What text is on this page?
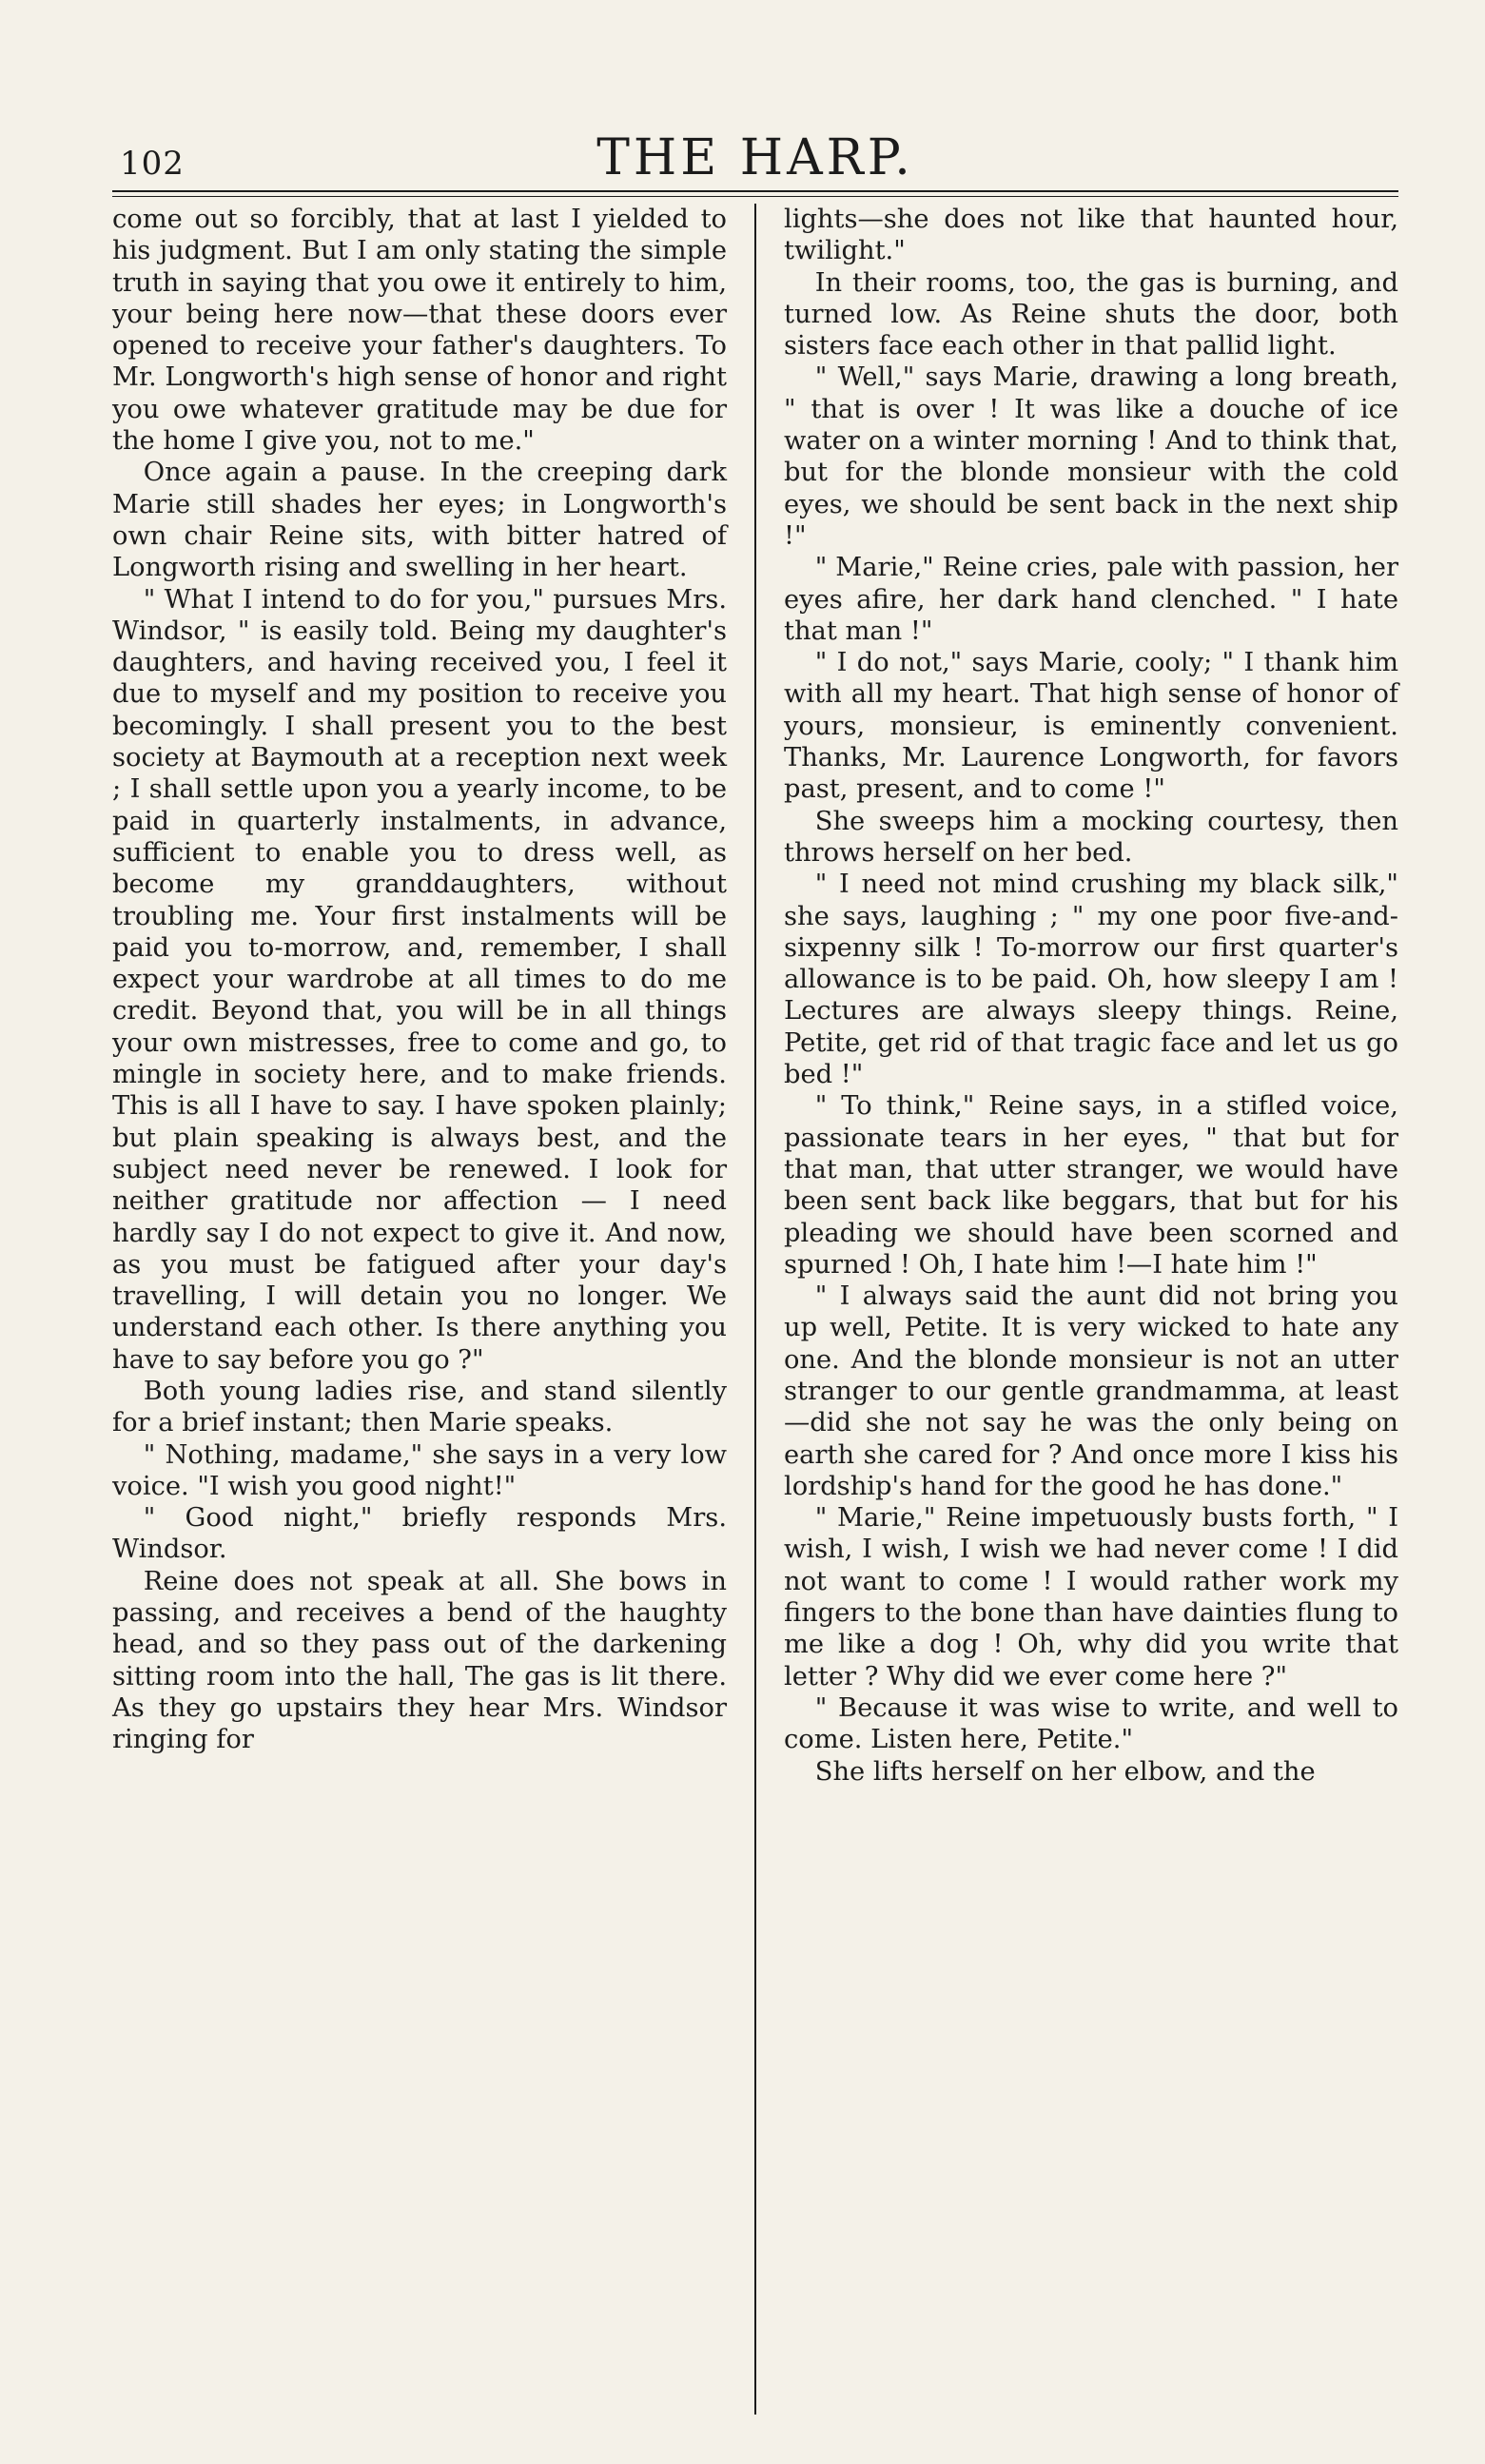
102	THE HARP.

come out so forcibly, that at last I yielded to his judgment. But I am only stating the simple truth in saying that you owe it entirely to him, your being here now—that these doors ever opened to receive your father's daughters. To Mr. Longworth's high sense of honor and right you owe whatever gratitude may be due for the home I give you, not to me."

Once again a pause. In the creeping dark Marie still shades her eyes; in Longworth's own chair Reine sits, with bitter hatred of Longworth rising and swelling in her heart.

" What I intend to do for you," pursues Mrs. Windsor, " is easily told. Being my daughter's daughters, and having received you, I feel it due to myself and my position to receive you becomingly. I shall present you to the best society at Baymouth at a reception next week ; I shall settle upon you a yearly income, to be paid in quarterly instalments, in advance, sufficient to enable you to dress well, as become my granddaughters, without troubling me. Your first instalments will be paid you to-morrow, and, remember, I shall expect your wardrobe at all times to do me credit. Beyond that, you will be in all things your own mistresses, free to come and go, to mingle in society here, and to make friends. This is all I have to say. I have spoken plainly; but plain speaking is always best, and the subject need never be renewed. I look for neither gratitude nor affection — I need hardly say I do not expect to give it. And now, as you must be fatigued after your day's travelling, I will detain you no longer. We understand each other. Is there anything you have to say before you go ?"

Both young ladies rise, and stand silently for a brief instant; then Marie speaks.

" Nothing, madame," she says in a very low voice. "I wish you good night!"

" Good night," briefly responds Mrs. Windsor.

Reine does not speak at all. She bows in passing, and receives a bend of the haughty head, and so they pass out of the darkening sitting room into the hall, The gas is lit there. As they go upstairs they hear Mrs. Windsor ringing for

lights—she does not like that haunted hour, twilight."

In their rooms, too, the gas is burning, and turned low. As Reine shuts the door, both sisters face each other in that pallid light.

" Well," says Marie, drawing a long breath, " that is over ! It was like a douche of ice water on a winter morning ! And to think that, but for the blonde monsieur with the cold eyes, we should be sent back in the next ship !"

" Marie," Reine cries, pale with passion, her eyes afire, her dark hand clenched. " I hate that man !"

" I do not," says Marie, cooly; " I thank him with all my heart. That high sense of honor of yours, monsieur, is eminently convenient. Thanks, Mr. Laurence Longworth, for favors past, present, and to come !"

She sweeps him a mocking courtesy, then throws herself on her bed.

" I need not mind crushing my black silk," she says, laughing ; " my one poor five-and-sixpenny silk ! To-morrow our first quarter's allowance is to be paid. Oh, how sleepy I am ! Lectures are always sleepy things. Reine, Petite, get rid of that tragic face and let us go bed !"

" To think," Reine says, in a stifled voice, passionate tears in her eyes, " that but for that man, that utter stranger, we would have been sent back like beggars, that but for his pleading we should have been scorned and spurned ! Oh, I hate him !—I hate him !"

" I always said the aunt did not bring you up well, Petite. It is very wicked to hate any one. And the blonde monsieur is not an utter stranger to our gentle grandmamma, at least—did she not say he was the only being on earth she cared for ? And once more I kiss his lordship's hand for the good he has done."

" Marie," Reine impetuously busts forth, " I wish, I wish, I wish we had never come ! I did not want to come ! I would rather work my fingers to the bone than have dainties flung to me like a dog ! Oh, why did you write that letter ? Why did we ever come here ?"

" Because it was wise to write, and well to come. Listen here, Petite."

She lifts herself on her elbow, and the
